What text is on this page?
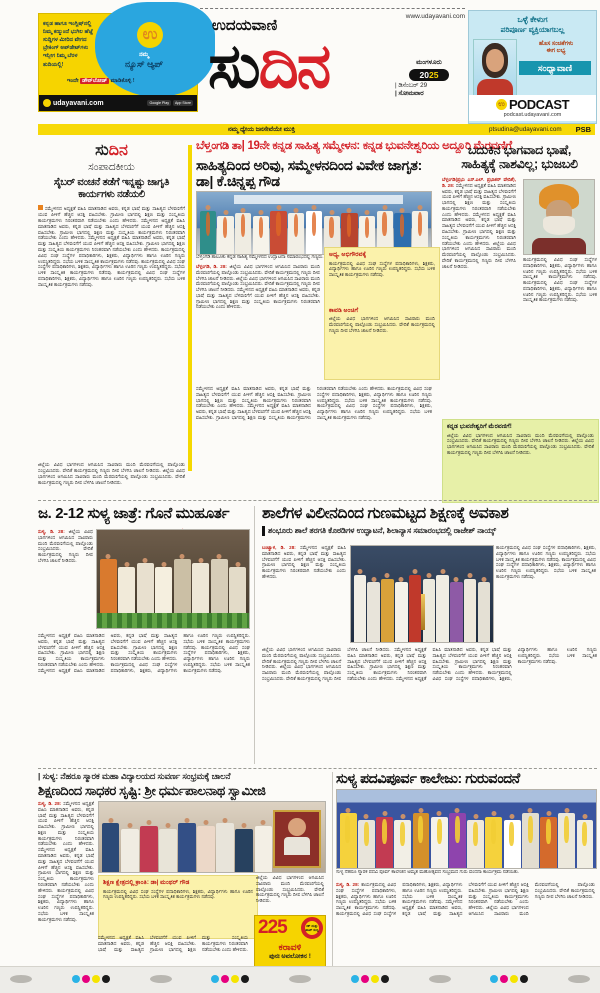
ಉ
ಕನ್ನಡ ಹಾಗೂ ಇಂಗ್ಲಿಷ್‌ನಲ್ಲಿ
ನಿಮ್ಮ ಕಣ್ಮುಂದೆ ಭುಗಿಲ ಹೆಜ್ಜೆ
ಸುದ್ದಿಗಳ ಮೀರಿದ ವೇಗದ
ಬ್ರೇಕಿಂಗ್ ಅಪ್‌ಡೇಟ್‌ಗಳು
ಇನ್ನೀಗ ನಿಮ್ಮ ಬೆರಳ
ತುದಿಯಲ್ಲಿ!
ನಮ್ಮ
ನ್ಯೂಸ್ ಆ್ಯಪ್
ಇಂದೇ ಡೌನ್‌ಲೋಡ್ ಮಾಡಿಕೊಳ್ಳಿ !
udayavani.com	Google Play	App Store
www.udayavani.com
ಉದಯವಾಣಿ
ಸುದಿನ	ಮಂಗಳೂರು
2025
| ಡಿಸೆಂಬರ್ 29
| ಸೋಮವಾರ
ಒಳ್ಳೆ ಕೇಳುಗ
ಪರಿಪೂರ್ಣ ವ್ಯಕ್ತಿಯಾಗಬಲ್ಲ
ಹೊಸ ಸಂಚಿಕೆಗಳು
ಈಗ ಲಭ್ಯ
ಸಂಧ್ಯಾವಾಣಿ
ಉ PODCAST
podcast.udayavani.com
ನಮ್ಮ ಧ್ಯೇಯ ಜನಸೇವೆಯೇ ಮುಕ್ತಿ	ptsudina@udayavani.com PSB
ಬೆಳ್ತಂಗಡಿ ತಾ| 19ನೇ ಕನ್ನಡ ಸಾಹಿತ್ಯ ಸಮ್ಮೇಳನ: ಕನ್ನಡ ಭುವನೇಶ್ವರಿಯ ಅದ್ದೂರಿ ಮೆರವಣಿಗೆ
ಸುದಿನ
ಸಂಪಾದಕೀಯ
ಸೈಬರ್ ವಂಚನೆ ತಡೆಗೆ ಇನ್ನಷ್ಟು ಜಾಗೃತಿ ಕಾರ್ಯಗಳು ನಡೆಯಲಿ
ಸಮ್ಮೇಳನದ ಅಧ್ಯಕ್ಷತೆ ವಹಿಸಿ ಮಾತನಾಡಿದ ಅವರು, ಕನ್ನಡ ಭಾಷೆ ಮತ್ತು ಸಾಹಿತ್ಯದ ಬೆಳವಣಿಗೆಗೆ ಯುವ ಪೀಳಿಗೆ ಹೆಚ್ಚಿನ ಆಸಕ್ತಿ ವಹಿಸಬೇಕು. ಗ್ರಾಮೀಣ ಭಾಗದಲ್ಲಿ ಶಿಕ್ಷಣ ಮತ್ತು ಸಂಸ್ಕೃತಿಯ ಕಾರ್ಯಕ್ರಮಗಳು ನಿರಂತರವಾಗಿ ನಡೆಯಬೇಕು ಎಂದು ಹೇಳಿದರು. ಸಮ್ಮೇಳನದ ಅಧ್ಯಕ್ಷತೆ ವಹಿಸಿ ಮಾತನಾಡಿದ ಅವರು, ಕನ್ನಡ ಭಾಷೆ ಮತ್ತು ಸಾಹಿತ್ಯದ ಬೆಳವಣಿಗೆಗೆ ಯುವ ಪೀಳಿಗೆ ಹೆಚ್ಚಿನ ಆಸಕ್ತಿ ವಹಿಸಬೇಕು. ಗ್ರಾಮೀಣ ಭಾಗದಲ್ಲಿ ಶಿಕ್ಷಣ ಮತ್ತು ಸಂಸ್ಕೃತಿಯ ಕಾರ್ಯಕ್ರಮಗಳು ನಿರಂತರವಾಗಿ ನಡೆಯಬೇಕು ಎಂದು ಹೇಳಿದರು. ಸಮ್ಮೇಳನದ ಅಧ್ಯಕ್ಷತೆ ವಹಿಸಿ ಮಾತನಾಡಿದ ಅವರು, ಕನ್ನಡ ಭಾಷೆ ಮತ್ತು ಸಾಹಿತ್ಯದ ಬೆಳವಣಿಗೆಗೆ ಯುವ ಪೀಳಿಗೆ ಹೆಚ್ಚಿನ ಆಸಕ್ತಿ ವಹಿಸಬೇಕು. ಗ್ರಾಮೀಣ ಭಾಗದಲ್ಲಿ ಶಿಕ್ಷಣ ಮತ್ತು ಸಂಸ್ಕೃತಿಯ ಕಾರ್ಯಕ್ರಮಗಳು ನಿರಂತರವಾಗಿ ನಡೆಯಬೇಕು ಎಂದು ಹೇಳಿದರು. ಕಾರ್ಯಕ್ರಮದಲ್ಲಿ ವಿವಿಧ ಸಂಘ ಸಂಸ್ಥೆಗಳ ಪದಾಧಿಕಾರಿಗಳು, ಶಿಕ್ಷಕರು, ವಿದ್ಯಾರ್ಥಿಗಳು ಹಾಗೂ ಊರಿನ ಗಣ್ಯರು ಉಪಸ್ಥಿತರಿದ್ದರು. ಸಭೆಯ ಬಳಿಕ ಸಾಂಸ್ಕೃತಿಕ ಕಾರ್ಯಕ್ರಮಗಳು ನಡೆದವು. ಕಾರ್ಯಕ್ರಮದಲ್ಲಿ ವಿವಿಧ ಸಂಘ ಸಂಸ್ಥೆಗಳ ಪದಾಧಿಕಾರಿಗಳು, ಶಿಕ್ಷಕರು, ವಿದ್ಯಾರ್ಥಿಗಳು ಹಾಗೂ ಊರಿನ ಗಣ್ಯರು ಉಪಸ್ಥಿತರಿದ್ದರು. ಸಭೆಯ ಬಳಿಕ ಸಾಂಸ್ಕೃತಿಕ ಕಾರ್ಯಕ್ರಮಗಳು ನಡೆದವು. ಕಾರ್ಯಕ್ರಮದಲ್ಲಿ ವಿವಿಧ ಸಂಘ ಸಂಸ್ಥೆಗಳ ಪದಾಧಿಕಾರಿಗಳು, ಶಿಕ್ಷಕರು, ವಿದ್ಯಾರ್ಥಿಗಳು ಹಾಗೂ ಊರಿನ ಗಣ್ಯರು ಉಪಸ್ಥಿತರಿದ್ದರು. ಸಭೆಯ ಬಳಿಕ ಸಾಂಸ್ಕೃತಿಕ ಕಾರ್ಯಕ್ರಮಗಳು ನಡೆದವು.
ಜಿಲ್ಲೆಯ ವಿವಿಧ ಭಾಗಗಳಿಂದ ಆಗಮಿಸಿದ ಸಾವಿರಾರು ಮಂದಿ ಮೆರವಣಿಗೆಯಲ್ಲಿ ಪಾಲ್ಗೊಂಡು ಸಂಭ್ರಮಿಸಿದರು. ವೇದಿಕೆ ಕಾರ್ಯಕ್ರಮದಲ್ಲಿ ಗಣ್ಯರು ದೀಪ ಬೆಳಗಿಸಿ ಚಾಲನೆ ನೀಡಿದರು. ಜಿಲ್ಲೆಯ ವಿವಿಧ ಭಾಗಗಳಿಂದ ಆಗಮಿಸಿದ ಸಾವಿರಾರು ಮಂದಿ ಮೆರವಣಿಗೆಯಲ್ಲಿ ಪಾಲ್ಗೊಂಡು ಸಂಭ್ರಮಿಸಿದರು. ವೇದಿಕೆ ಕಾರ್ಯಕ್ರಮದಲ್ಲಿ ಗಣ್ಯರು ದೀಪ ಬೆಳಗಿಸಿ ಚಾಲನೆ ನೀಡಿದರು.
ಸಾಹಿತ್ಯದಿಂದ ಅರಿವು, ಸಮ್ಮೇಳನದಿಂದ ವಿವೇಕ ಜಾಗೃತ: ಡಾ| ಕೆ.ಚಿನ್ನಪ್ಪ ಗೌಡ
ಬೆಳ್ತಂಗಡಿ ತಾಲೂಕು ಕನ್ನಡ ಸಾಹಿತ್ಯ ಸಮ್ಮೇಳನದ ಉದ್ಘಾಟನಾ ಸಮಾರಂಭದಲ್ಲಿ ಗಣ್ಯರು.
ಬೆಳ್ತಂಗಡಿ, ಡಿ. 28: ಜಿಲ್ಲೆಯ ವಿವಿಧ ಭಾಗಗಳಿಂದ ಆಗಮಿಸಿದ ಸಾವಿರಾರು ಮಂದಿ ಮೆರವಣಿಗೆಯಲ್ಲಿ ಪಾಲ್ಗೊಂಡು ಸಂಭ್ರಮಿಸಿದರು. ವೇದಿಕೆ ಕಾರ್ಯಕ್ರಮದಲ್ಲಿ ಗಣ್ಯರು ದೀಪ ಬೆಳಗಿಸಿ ಚಾಲನೆ ನೀಡಿದರು. ಜಿಲ್ಲೆಯ ವಿವಿಧ ಭಾಗಗಳಿಂದ ಆಗಮಿಸಿದ ಸಾವಿರಾರು ಮಂದಿ ಮೆರವಣಿಗೆಯಲ್ಲಿ ಪಾಲ್ಗೊಂಡು ಸಂಭ್ರಮಿಸಿದರು. ವೇದಿಕೆ ಕಾರ್ಯಕ್ರಮದಲ್ಲಿ ಗಣ್ಯರು ದೀಪ ಬೆಳಗಿಸಿ ಚಾಲನೆ ನೀಡಿದರು. ಸಮ್ಮೇಳನದ ಅಧ್ಯಕ್ಷತೆ ವಹಿಸಿ ಮಾತನಾಡಿದ ಅವರು, ಕನ್ನಡ ಭಾಷೆ ಮತ್ತು ಸಾಹಿತ್ಯದ ಬೆಳವಣಿಗೆಗೆ ಯುವ ಪೀಳಿಗೆ ಹೆಚ್ಚಿನ ಆಸಕ್ತಿ ವಹಿಸಬೇಕು. ಗ್ರಾಮೀಣ ಭಾಗದಲ್ಲಿ ಶಿಕ್ಷಣ ಮತ್ತು ಸಂಸ್ಕೃತಿಯ ಕಾರ್ಯಕ್ರಮಗಳು ನಿರಂತರವಾಗಿ ನಡೆಯಬೇಕು ಎಂದು ಹೇಳಿದರು.
ಅಧ್ಯ, ಅಭಿಗೌರವಕ್ಕೆ
ಕಾರ್ಯಕ್ರಮದಲ್ಲಿ ವಿವಿಧ ಸಂಘ ಸಂಸ್ಥೆಗಳ ಪದಾಧಿಕಾರಿಗಳು, ಶಿಕ್ಷಕರು, ವಿದ್ಯಾರ್ಥಿಗಳು ಹಾಗೂ ಊರಿನ ಗಣ್ಯರು ಉಪಸ್ಥಿತರಿದ್ದರು. ಸಭೆಯ ಬಳಿಕ ಸಾಂಸ್ಕೃತಿಕ ಕಾರ್ಯಕ್ರಮಗಳು ನಡೆದವು.
ಕಾವಡಿ ಅಂಚಿಗೆ
ಜಿಲ್ಲೆಯ ವಿವಿಧ ಭಾಗಗಳಿಂದ ಆಗಮಿಸಿದ ಸಾವಿರಾರು ಮಂದಿ ಮೆರವಣಿಗೆಯಲ್ಲಿ ಪಾಲ್ಗೊಂಡು ಸಂಭ್ರಮಿಸಿದರು. ವೇದಿಕೆ ಕಾರ್ಯಕ್ರಮದಲ್ಲಿ ಗಣ್ಯರು ದೀಪ ಬೆಳಗಿಸಿ ಚಾಲನೆ ನೀಡಿದರು.
ಸಮ್ಮೇಳನದ ಅಧ್ಯಕ್ಷತೆ ವಹಿಸಿ ಮಾತನಾಡಿದ ಅವರು, ಕನ್ನಡ ಭಾಷೆ ಮತ್ತು ಸಾಹಿತ್ಯದ ಬೆಳವಣಿಗೆಗೆ ಯುವ ಪೀಳಿಗೆ ಹೆಚ್ಚಿನ ಆಸಕ್ತಿ ವಹಿಸಬೇಕು. ಗ್ರಾಮೀಣ ಭಾಗದಲ್ಲಿ ಶಿಕ್ಷಣ ಮತ್ತು ಸಂಸ್ಕೃತಿಯ ಕಾರ್ಯಕ್ರಮಗಳು ನಿರಂತರವಾಗಿ ನಡೆಯಬೇಕು ಎಂದು ಹೇಳಿದರು. ಸಮ್ಮೇಳನದ ಅಧ್ಯಕ್ಷತೆ ವಹಿಸಿ ಮಾತನಾಡಿದ ಅವರು, ಕನ್ನಡ ಭಾಷೆ ಮತ್ತು ಸಾಹಿತ್ಯದ ಬೆಳವಣಿಗೆಗೆ ಯುವ ಪೀಳಿಗೆ ಹೆಚ್ಚಿನ ಆಸಕ್ತಿ ವಹಿಸಬೇಕು. ಗ್ರಾಮೀಣ ಭಾಗದಲ್ಲಿ ಶಿಕ್ಷಣ ಮತ್ತು ಸಂಸ್ಕೃತಿಯ ಕಾರ್ಯಕ್ರಮಗಳು ನಿರಂತರವಾಗಿ ನಡೆಯಬೇಕು ಎಂದು ಹೇಳಿದರು. ಕಾರ್ಯಕ್ರಮದಲ್ಲಿ ವಿವಿಧ ಸಂಘ ಸಂಸ್ಥೆಗಳ ಪದಾಧಿಕಾರಿಗಳು, ಶಿಕ್ಷಕರು, ವಿದ್ಯಾರ್ಥಿಗಳು ಹಾಗೂ ಊರಿನ ಗಣ್ಯರು ಉಪಸ್ಥಿತರಿದ್ದರು. ಸಭೆಯ ಬಳಿಕ ಸಾಂಸ್ಕೃತಿಕ ಕಾರ್ಯಕ್ರಮಗಳು ನಡೆದವು. ಕಾರ್ಯಕ್ರಮದಲ್ಲಿ ವಿವಿಧ ಸಂಘ ಸಂಸ್ಥೆಗಳ ಪದಾಧಿಕಾರಿಗಳು, ಶಿಕ್ಷಕರು, ವಿದ್ಯಾರ್ಥಿಗಳು ಹಾಗೂ ಊರಿನ ಗಣ್ಯರು ಉಪಸ್ಥಿತರಿದ್ದರು. ಸಭೆಯ ಬಳಿಕ ಸಾಂಸ್ಕೃತಿಕ ಕಾರ್ಯಕ್ರಮಗಳು ನಡೆದವು.
ಬದುಕಿನ ಭಾಗವಾದ ಭಾಷೆ,
ಸಾಹಿತ್ಯಕ್ಕೆ ನಾಶವಿಲ್ಲ; ಭುಜಬಲಿ
ಬೆಳ್ತಂಗಡಿ(ಪ್ರಭು ಎಸ್.ಎಲ್. ಪ್ರಭಾಕರ್ ವೇದಿಕೆ), ಡಿ. 28: ಸಮ್ಮೇಳನದ ಅಧ್ಯಕ್ಷತೆ ವಹಿಸಿ ಮಾತನಾಡಿದ ಅವರು, ಕನ್ನಡ ಭಾಷೆ ಮತ್ತು ಸಾಹಿತ್ಯದ ಬೆಳವಣಿಗೆಗೆ ಯುವ ಪೀಳಿಗೆ ಹೆಚ್ಚಿನ ಆಸಕ್ತಿ ವಹಿಸಬೇಕು. ಗ್ರಾಮೀಣ ಭಾಗದಲ್ಲಿ ಶಿಕ್ಷಣ ಮತ್ತು ಸಂಸ್ಕೃತಿಯ ಕಾರ್ಯಕ್ರಮಗಳು ನಿರಂತರವಾಗಿ ನಡೆಯಬೇಕು ಎಂದು ಹೇಳಿದರು. ಸಮ್ಮೇಳನದ ಅಧ್ಯಕ್ಷತೆ ವಹಿಸಿ ಮಾತನಾಡಿದ ಅವರು, ಕನ್ನಡ ಭಾಷೆ ಮತ್ತು ಸಾಹಿತ್ಯದ ಬೆಳವಣಿಗೆಗೆ ಯುವ ಪೀಳಿಗೆ ಹೆಚ್ಚಿನ ಆಸಕ್ತಿ ವಹಿಸಬೇಕು. ಗ್ರಾಮೀಣ ಭಾಗದಲ್ಲಿ ಶಿಕ್ಷಣ ಮತ್ತು ಸಂಸ್ಕೃತಿಯ ಕಾರ್ಯಕ್ರಮಗಳು ನಿರಂತರವಾಗಿ ನಡೆಯಬೇಕು ಎಂದು ಹೇಳಿದರು. ಜಿಲ್ಲೆಯ ವಿವಿಧ ಭಾಗಗಳಿಂದ ಆಗಮಿಸಿದ ಸಾವಿರಾರು ಮಂದಿ ಮೆರವಣಿಗೆಯಲ್ಲಿ ಪಾಲ್ಗೊಂಡು ಸಂಭ್ರಮಿಸಿದರು. ವೇದಿಕೆ ಕಾರ್ಯಕ್ರಮದಲ್ಲಿ ಗಣ್ಯರು ದೀಪ ಬೆಳಗಿಸಿ ಚಾಲನೆ ನೀಡಿದರು.
ಕಾರ್ಯಕ್ರಮದಲ್ಲಿ ವಿವಿಧ ಸಂಘ ಸಂಸ್ಥೆಗಳ ಪದಾಧಿಕಾರಿಗಳು, ಶಿಕ್ಷಕರು, ವಿದ್ಯಾರ್ಥಿಗಳು ಹಾಗೂ ಊರಿನ ಗಣ್ಯರು ಉಪಸ್ಥಿತರಿದ್ದರು. ಸಭೆಯ ಬಳಿಕ ಸಾಂಸ್ಕೃತಿಕ ಕಾರ್ಯಕ್ರಮಗಳು ನಡೆದವು. ಕಾರ್ಯಕ್ರಮದಲ್ಲಿ ವಿವಿಧ ಸಂಘ ಸಂಸ್ಥೆಗಳ ಪದಾಧಿಕಾರಿಗಳು, ಶಿಕ್ಷಕರು, ವಿದ್ಯಾರ್ಥಿಗಳು ಹಾಗೂ ಊರಿನ ಗಣ್ಯರು ಉಪಸ್ಥಿತರಿದ್ದರು. ಸಭೆಯ ಬಳಿಕ ಸಾಂಸ್ಕೃತಿಕ ಕಾರ್ಯಕ್ರಮಗಳು ನಡೆದವು.
ಕನ್ನಡ ಭುವನೇಶ್ವರಿಗೆ ಮೆರವಣಿಗೆ!
ಜಿಲ್ಲೆಯ ವಿವಿಧ ಭಾಗಗಳಿಂದ ಆಗಮಿಸಿದ ಸಾವಿರಾರು ಮಂದಿ ಮೆರವಣಿಗೆಯಲ್ಲಿ ಪಾಲ್ಗೊಂಡು ಸಂಭ್ರಮಿಸಿದರು. ವೇದಿಕೆ ಕಾರ್ಯಕ್ರಮದಲ್ಲಿ ಗಣ್ಯರು ದೀಪ ಬೆಳಗಿಸಿ ಚಾಲನೆ ನೀಡಿದರು. ಜಿಲ್ಲೆಯ ವಿವಿಧ ಭಾಗಗಳಿಂದ ಆಗಮಿಸಿದ ಸಾವಿರಾರು ಮಂದಿ ಮೆರವಣಿಗೆಯಲ್ಲಿ ಪಾಲ್ಗೊಂಡು ಸಂಭ್ರಮಿಸಿದರು. ವೇದಿಕೆ ಕಾರ್ಯಕ್ರಮದಲ್ಲಿ ಗಣ್ಯರು ದೀಪ ಬೆಳಗಿಸಿ ಚಾಲನೆ ನೀಡಿದರು.
ಜ. 2-12 ಸುಳ್ಯ ಜಾತ್ರೆ: ಗೊನೆ ಮುಹೂರ್ತ
ಸುಳ್ಯ, ಡಿ. 28: ಜಿಲ್ಲೆಯ ವಿವಿಧ ಭಾಗಗಳಿಂದ ಆಗಮಿಸಿದ ಸಾವಿರಾರು ಮಂದಿ ಮೆರವಣಿಗೆಯಲ್ಲಿ ಪಾಲ್ಗೊಂಡು ಸಂಭ್ರಮಿಸಿದರು. ವೇದಿಕೆ ಕಾರ್ಯಕ್ರಮದಲ್ಲಿ ಗಣ್ಯರು ದೀಪ ಬೆಳಗಿಸಿ ಚಾಲನೆ ನೀಡಿದರು.
ಸಮ್ಮೇಳನದ ಅಧ್ಯಕ್ಷತೆ ವಹಿಸಿ ಮಾತನಾಡಿದ ಅವರು, ಕನ್ನಡ ಭಾಷೆ ಮತ್ತು ಸಾಹಿತ್ಯದ ಬೆಳವಣಿಗೆಗೆ ಯುವ ಪೀಳಿಗೆ ಹೆಚ್ಚಿನ ಆಸಕ್ತಿ ವಹಿಸಬೇಕು. ಗ್ರಾಮೀಣ ಭಾಗದಲ್ಲಿ ಶಿಕ್ಷಣ ಮತ್ತು ಸಂಸ್ಕೃತಿಯ ಕಾರ್ಯಕ್ರಮಗಳು ನಿರಂತರವಾಗಿ ನಡೆಯಬೇಕು ಎಂದು ಹೇಳಿದರು. ಸಮ್ಮೇಳನದ ಅಧ್ಯಕ್ಷತೆ ವಹಿಸಿ ಮಾತನಾಡಿದ ಅವರು, ಕನ್ನಡ ಭಾಷೆ ಮತ್ತು ಸಾಹಿತ್ಯದ ಬೆಳವಣಿಗೆಗೆ ಯುವ ಪೀಳಿಗೆ ಹೆಚ್ಚಿನ ಆಸಕ್ತಿ ವಹಿಸಬೇಕು. ಗ್ರಾಮೀಣ ಭಾಗದಲ್ಲಿ ಶಿಕ್ಷಣ ಮತ್ತು ಸಂಸ್ಕೃತಿಯ ಕಾರ್ಯಕ್ರಮಗಳು ನಿರಂತರವಾಗಿ ನಡೆಯಬೇಕು ಎಂದು ಹೇಳಿದರು. ಕಾರ್ಯಕ್ರಮದಲ್ಲಿ ವಿವಿಧ ಸಂಘ ಸಂಸ್ಥೆಗಳ ಪದಾಧಿಕಾರಿಗಳು, ಶಿಕ್ಷಕರು, ವಿದ್ಯಾರ್ಥಿಗಳು ಹಾಗೂ ಊರಿನ ಗಣ್ಯರು ಉಪಸ್ಥಿತರಿದ್ದರು. ಸಭೆಯ ಬಳಿಕ ಸಾಂಸ್ಕೃತಿಕ ಕಾರ್ಯಕ್ರಮಗಳು ನಡೆದವು. ಕಾರ್ಯಕ್ರಮದಲ್ಲಿ ವಿವಿಧ ಸಂಘ ಸಂಸ್ಥೆಗಳ ಪದಾಧಿಕಾರಿಗಳು, ಶಿಕ್ಷಕರು, ವಿದ್ಯಾರ್ಥಿಗಳು ಹಾಗೂ ಊರಿನ ಗಣ್ಯರು ಉಪಸ್ಥಿತರಿದ್ದರು. ಸಭೆಯ ಬಳಿಕ ಸಾಂಸ್ಕೃತಿಕ ಕಾರ್ಯಕ್ರಮಗಳು ನಡೆದವು.
ಶಾಲೆಗಳ ವಿಲೀನದಿಂದ ಗುಣಮಟ್ಟದ ಶಿಕ್ಷಣಕ್ಕೆ ಅವಕಾಶ
ಶಂಭೂರು ಶಾಲೆ ತರಗತಿ ಕೊಠಡಿಗಳ ಉದ್ಘಾಟನೆ, ಶಿಲಾನ್ಯಾಸ ಸಮಾರಂಭದಲ್ಲಿ ರಾಜೇಶ್ ನಾಯ್ಕ್
ಬಂಟ್ವಾಳ, ಡಿ. 28: ಸಮ್ಮೇಳನದ ಅಧ್ಯಕ್ಷತೆ ವಹಿಸಿ ಮಾತನಾಡಿದ ಅವರು, ಕನ್ನಡ ಭಾಷೆ ಮತ್ತು ಸಾಹಿತ್ಯದ ಬೆಳವಣಿಗೆಗೆ ಯುವ ಪೀಳಿಗೆ ಹೆಚ್ಚಿನ ಆಸಕ್ತಿ ವಹಿಸಬೇಕು. ಗ್ರಾಮೀಣ ಭಾಗದಲ್ಲಿ ಶಿಕ್ಷಣ ಮತ್ತು ಸಂಸ್ಕೃತಿಯ ಕಾರ್ಯಕ್ರಮಗಳು ನಿರಂತರವಾಗಿ ನಡೆಯಬೇಕು ಎಂದು ಹೇಳಿದರು.
ಕಾರ್ಯಕ್ರಮದಲ್ಲಿ ವಿವಿಧ ಸಂಘ ಸಂಸ್ಥೆಗಳ ಪದಾಧಿಕಾರಿಗಳು, ಶಿಕ್ಷಕರು, ವಿದ್ಯಾರ್ಥಿಗಳು ಹಾಗೂ ಊರಿನ ಗಣ್ಯರು ಉಪಸ್ಥಿತರಿದ್ದರು. ಸಭೆಯ ಬಳಿಕ ಸಾಂಸ್ಕೃತಿಕ ಕಾರ್ಯಕ್ರಮಗಳು ನಡೆದವು. ಕಾರ್ಯಕ್ರಮದಲ್ಲಿ ವಿವಿಧ ಸಂಘ ಸಂಸ್ಥೆಗಳ ಪದಾಧಿಕಾರಿಗಳು, ಶಿಕ್ಷಕರು, ವಿದ್ಯಾರ್ಥಿಗಳು ಹಾಗೂ ಊರಿನ ಗಣ್ಯರು ಉಪಸ್ಥಿತರಿದ್ದರು. ಸಭೆಯ ಬಳಿಕ ಸಾಂಸ್ಕೃತಿಕ ಕಾರ್ಯಕ್ರಮಗಳು ನಡೆದವು.
ಜಿಲ್ಲೆಯ ವಿವಿಧ ಭಾಗಗಳಿಂದ ಆಗಮಿಸಿದ ಸಾವಿರಾರು ಮಂದಿ ಮೆರವಣಿಗೆಯಲ್ಲಿ ಪಾಲ್ಗೊಂಡು ಸಂಭ್ರಮಿಸಿದರು. ವೇದಿಕೆ ಕಾರ್ಯಕ್ರಮದಲ್ಲಿ ಗಣ್ಯರು ದೀಪ ಬೆಳಗಿಸಿ ಚಾಲನೆ ನೀಡಿದರು. ಜಿಲ್ಲೆಯ ವಿವಿಧ ಭಾಗಗಳಿಂದ ಆಗಮಿಸಿದ ಸಾವಿರಾರು ಮಂದಿ ಮೆರವಣಿಗೆಯಲ್ಲಿ ಪಾಲ್ಗೊಂಡು ಸಂಭ್ರಮಿಸಿದರು. ವೇದಿಕೆ ಕಾರ್ಯಕ್ರಮದಲ್ಲಿ ಗಣ್ಯರು ದೀಪ ಬೆಳಗಿಸಿ ಚಾಲನೆ ನೀಡಿದರು. ಸಮ್ಮೇಳನದ ಅಧ್ಯಕ್ಷತೆ ವಹಿಸಿ ಮಾತನಾಡಿದ ಅವರು, ಕನ್ನಡ ಭಾಷೆ ಮತ್ತು ಸಾಹಿತ್ಯದ ಬೆಳವಣಿಗೆಗೆ ಯುವ ಪೀಳಿಗೆ ಹೆಚ್ಚಿನ ಆಸಕ್ತಿ ವಹಿಸಬೇಕು. ಗ್ರಾಮೀಣ ಭಾಗದಲ್ಲಿ ಶಿಕ್ಷಣ ಮತ್ತು ಸಂಸ್ಕೃತಿಯ ಕಾರ್ಯಕ್ರಮಗಳು ನಿರಂತರವಾಗಿ ನಡೆಯಬೇಕು ಎಂದು ಹೇಳಿದರು. ಸಮ್ಮೇಳನದ ಅಧ್ಯಕ್ಷತೆ ವಹಿಸಿ ಮಾತನಾಡಿದ ಅವರು, ಕನ್ನಡ ಭಾಷೆ ಮತ್ತು ಸಾಹಿತ್ಯದ ಬೆಳವಣಿಗೆಗೆ ಯುವ ಪೀಳಿಗೆ ಹೆಚ್ಚಿನ ಆಸಕ್ತಿ ವಹಿಸಬೇಕು. ಗ್ರಾಮೀಣ ಭಾಗದಲ್ಲಿ ಶಿಕ್ಷಣ ಮತ್ತು ಸಂಸ್ಕೃತಿಯ ಕಾರ್ಯಕ್ರಮಗಳು ನಿರಂತರವಾಗಿ ನಡೆಯಬೇಕು ಎಂದು ಹೇಳಿದರು. ಕಾರ್ಯಕ್ರಮದಲ್ಲಿ ವಿವಿಧ ಸಂಘ ಸಂಸ್ಥೆಗಳ ಪದಾಧಿಕಾರಿಗಳು, ಶಿಕ್ಷಕರು, ವಿದ್ಯಾರ್ಥಿಗಳು ಹಾಗೂ ಊರಿನ ಗಣ್ಯರು ಉಪಸ್ಥಿತರಿದ್ದರು. ಸಭೆಯ ಬಳಿಕ ಸಾಂಸ್ಕೃತಿಕ ಕಾರ್ಯಕ್ರಮಗಳು ನಡೆದವು.
| ಸುಳ್ಯ: ನೆಹರೂ ಸ್ಮಾರಕ ಮಹಾ ವಿದ್ಯಾಲಯದ ಸುವರ್ಣ ಸಂಭ್ರಮಕ್ಕೆ ಚಾಲನೆ
ಶಿಕ್ಷಣದಿಂದ ಸಾಧಕರ ಸೃಷ್ಟಿ: ಶ್ರೀ ಧರ್ಮಪಾಲನಾಥ ಸ್ವಾಮೀಜಿ
ಸುಳ್ಯ, ಡಿ. 28: ಸಮ್ಮೇಳನದ ಅಧ್ಯಕ್ಷತೆ ವಹಿಸಿ ಮಾತನಾಡಿದ ಅವರು, ಕನ್ನಡ ಭಾಷೆ ಮತ್ತು ಸಾಹಿತ್ಯದ ಬೆಳವಣಿಗೆಗೆ ಯುವ ಪೀಳಿಗೆ ಹೆಚ್ಚಿನ ಆಸಕ್ತಿ ವಹಿಸಬೇಕು. ಗ್ರಾಮೀಣ ಭಾಗದಲ್ಲಿ ಶಿಕ್ಷಣ ಮತ್ತು ಸಂಸ್ಕೃತಿಯ ಕಾರ್ಯಕ್ರಮಗಳು ನಿರಂತರವಾಗಿ ನಡೆಯಬೇಕು ಎಂದು ಹೇಳಿದರು. ಸಮ್ಮೇಳನದ ಅಧ್ಯಕ್ಷತೆ ವಹಿಸಿ ಮಾತನಾಡಿದ ಅವರು, ಕನ್ನಡ ಭಾಷೆ ಮತ್ತು ಸಾಹಿತ್ಯದ ಬೆಳವಣಿಗೆಗೆ ಯುವ ಪೀಳಿಗೆ ಹೆಚ್ಚಿನ ಆಸಕ್ತಿ ವಹಿಸಬೇಕು. ಗ್ರಾಮೀಣ ಭಾಗದಲ್ಲಿ ಶಿಕ್ಷಣ ಮತ್ತು ಸಂಸ್ಕೃತಿಯ ಕಾರ್ಯಕ್ರಮಗಳು ನಿರಂತರವಾಗಿ ನಡೆಯಬೇಕು ಎಂದು ಹೇಳಿದರು. ಕಾರ್ಯಕ್ರಮದಲ್ಲಿ ವಿವಿಧ ಸಂಘ ಸಂಸ್ಥೆಗಳ ಪದಾಧಿಕಾರಿಗಳು, ಶಿಕ್ಷಕರು, ವಿದ್ಯಾರ್ಥಿಗಳು ಹಾಗೂ ಊರಿನ ಗಣ್ಯರು ಉಪಸ್ಥಿತರಿದ್ದರು. ಸಭೆಯ ಬಳಿಕ ಸಾಂಸ್ಕೃತಿಕ ಕಾರ್ಯಕ್ರಮಗಳು ನಡೆದವು.
ಶಿಕ್ಷಣ ಕ್ಷೇತ್ರದಲ್ಲಿ ಕ್ರಾಂತಿ: ಡಾ| ಮಂಥರ್ ಗೌಡ
ಕಾರ್ಯಕ್ರಮದಲ್ಲಿ ವಿವಿಧ ಸಂಘ ಸಂಸ್ಥೆಗಳ ಪದಾಧಿಕಾರಿಗಳು, ಶಿಕ್ಷಕರು, ವಿದ್ಯಾರ್ಥಿಗಳು ಹಾಗೂ ಊರಿನ ಗಣ್ಯರು ಉಪಸ್ಥಿತರಿದ್ದರು. ಸಭೆಯ ಬಳಿಕ ಸಾಂಸ್ಕೃತಿಕ ಕಾರ್ಯಕ್ರಮಗಳು ನಡೆದವು.
ಜಿಲ್ಲೆಯ ವಿವಿಧ ಭಾಗಗಳಿಂದ ಆಗಮಿಸಿದ ಸಾವಿರಾರು ಮಂದಿ ಮೆರವಣಿಗೆಯಲ್ಲಿ ಪಾಲ್ಗೊಂಡು ಸಂಭ್ರಮಿಸಿದರು. ವೇದಿಕೆ ಕಾರ್ಯಕ್ರಮದಲ್ಲಿ ಗಣ್ಯರು ದೀಪ ಬೆಳಗಿಸಿ ಚಾಲನೆ ನೀಡಿದರು.
ಸಮ್ಮೇಳನದ ಅಧ್ಯಕ್ಷತೆ ವಹಿಸಿ ಮಾತನಾಡಿದ ಅವರು, ಕನ್ನಡ ಭಾಷೆ ಮತ್ತು ಸಾಹಿತ್ಯದ ಬೆಳವಣಿಗೆಗೆ ಯುವ ಪೀಳಿಗೆ ಹೆಚ್ಚಿನ ಆಸಕ್ತಿ ವಹಿಸಬೇಕು. ಗ್ರಾಮೀಣ ಭಾಗದಲ್ಲಿ ಶಿಕ್ಷಣ ಮತ್ತು ಸಂಸ್ಕೃತಿಯ ಕಾರ್ಯಕ್ರಮಗಳು ನಿರಂತರವಾಗಿ ನಡೆಯಬೇಕು ಎಂದು ಹೇಳಿದರು.
225	ಕಿಕ್ ಮತ್ತು ಹಾಟ್ ಸುದ್ದಿ
ಕರಾವಳಿ
ಪುನಃ ಅವಲೋಕನ !
ಸುಳ್ಯ ಪದವಿಪೂರ್ವ ಕಾಲೇಜು: ಗುರುವಂದನೆ
ಸುಳ್ಯ ನೆಹರೂ ಸ್ಮಾರಕ ಪದವಿ ಪೂರ್ವ ಕಾಲೇಜಿನ ಅಮೃತ ಮಹೋತ್ಸವದ ಸಂಭ್ರಮದ ಗುರು ವಂದನಾ ಕಾರ್ಯಕ್ರಮ ನಡೆಯಿತು.
ಸುಳ್ಯ, ಡಿ. 28: ಕಾರ್ಯಕ್ರಮದಲ್ಲಿ ವಿವಿಧ ಸಂಘ ಸಂಸ್ಥೆಗಳ ಪದಾಧಿಕಾರಿಗಳು, ಶಿಕ್ಷಕರು, ವಿದ್ಯಾರ್ಥಿಗಳು ಹಾಗೂ ಊರಿನ ಗಣ್ಯರು ಉಪಸ್ಥಿತರಿದ್ದರು. ಸಭೆಯ ಬಳಿಕ ಸಾಂಸ್ಕೃತಿಕ ಕಾರ್ಯಕ್ರಮಗಳು ನಡೆದವು. ಕಾರ್ಯಕ್ರಮದಲ್ಲಿ ವಿವಿಧ ಸಂಘ ಸಂಸ್ಥೆಗಳ ಪದಾಧಿಕಾರಿಗಳು, ಶಿಕ್ಷಕರು, ವಿದ್ಯಾರ್ಥಿಗಳು ಹಾಗೂ ಊರಿನ ಗಣ್ಯರು ಉಪಸ್ಥಿತರಿದ್ದರು. ಸಭೆಯ ಬಳಿಕ ಸಾಂಸ್ಕೃತಿಕ ಕಾರ್ಯಕ್ರಮಗಳು ನಡೆದವು. ಸಮ್ಮೇಳನದ ಅಧ್ಯಕ್ಷತೆ ವಹಿಸಿ ಮಾತನಾಡಿದ ಅವರು, ಕನ್ನಡ ಭಾಷೆ ಮತ್ತು ಸಾಹಿತ್ಯದ ಬೆಳವಣಿಗೆಗೆ ಯುವ ಪೀಳಿಗೆ ಹೆಚ್ಚಿನ ಆಸಕ್ತಿ ವಹಿಸಬೇಕು. ಗ್ರಾಮೀಣ ಭಾಗದಲ್ಲಿ ಶಿಕ್ಷಣ ಮತ್ತು ಸಂಸ್ಕೃತಿಯ ಕಾರ್ಯಕ್ರಮಗಳು ನಿರಂತರವಾಗಿ ನಡೆಯಬೇಕು ಎಂದು ಹೇಳಿದರು. ಜಿಲ್ಲೆಯ ವಿವಿಧ ಭಾಗಗಳಿಂದ ಆಗಮಿಸಿದ ಸಾವಿರಾರು ಮಂದಿ ಮೆರವಣಿಗೆಯಲ್ಲಿ ಪಾಲ್ಗೊಂಡು ಸಂಭ್ರಮಿಸಿದರು. ವೇದಿಕೆ ಕಾರ್ಯಕ್ರಮದಲ್ಲಿ ಗಣ್ಯರು ದೀಪ ಬೆಳಗಿಸಿ ಚಾಲನೆ ನೀಡಿದರು.
